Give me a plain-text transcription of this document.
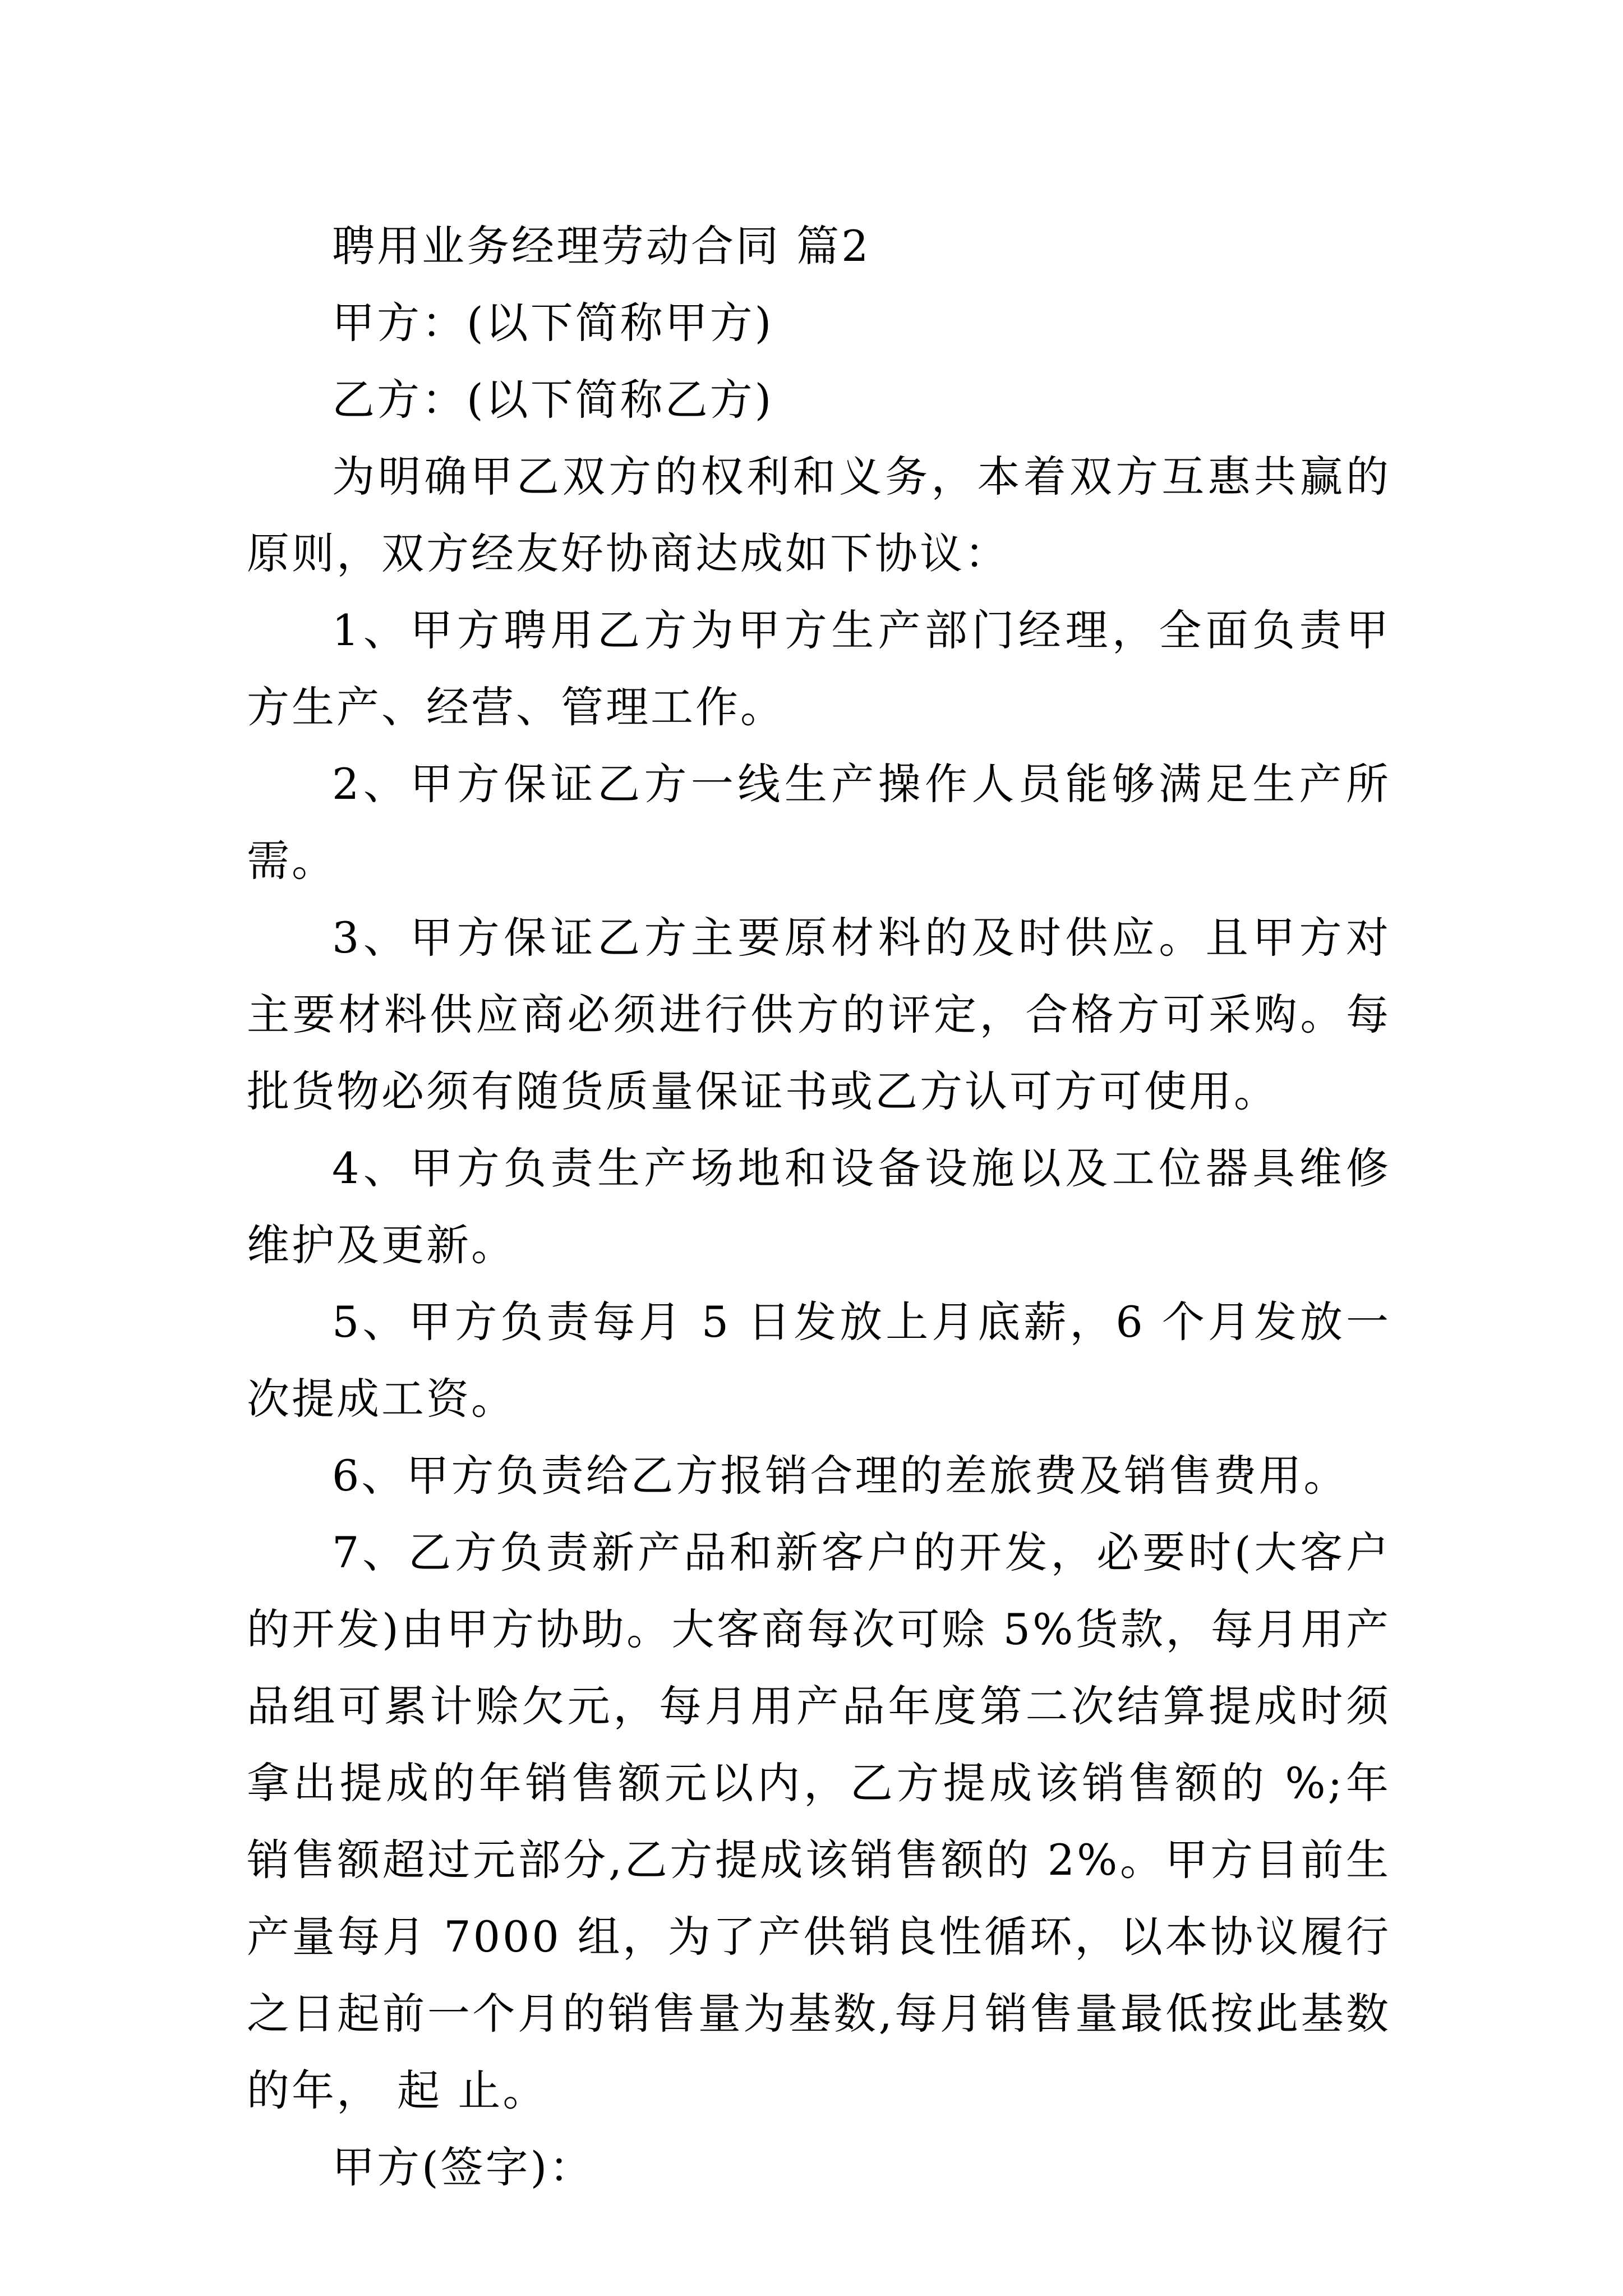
聘用业务经理劳动合同 篇2

甲方：(以下简称甲方)

乙方：(以下简称乙方)

为明确甲乙双方的权利和义务，本着双方互惠共赢的原则，双方经友好协商达成如下协议：

1、甲方聘用乙方为甲方生产部门经理，全面负责甲方生产、经营、管理工作。

2、甲方保证乙方一线生产操作人员能够满足生产所需。

3、甲方保证乙方主要原材料的及时供应。且甲方对主要材料供应商必须进行供方的评定，合格方可采购。每批货物必须有随货质量保证书或乙方认可方可使用。

4、甲方负责生产场地和设备设施以及工位器具维修维护及更新。

5、甲方负责每月 5 日发放上月底薪，6 个月发放一次提成工资。

6、甲方负责给乙方报销合理的差旅费及销售费用。

7、乙方负责新产品和新客户的开发，必要时(大客户的开发)由甲方协助。大客商每次可赊 5%货款，每月用产品组可累计赊欠元，每月用产品年度第二次结算提成时须拿出提成的年销售额元以内，乙方提成该销售额的 %;年销售额超过元部分,乙方提成该销售额的 2%。甲方目前生产量每月 7000 组，为了产供销良性循环，以本协议履行之日起前一个月的销售量为基数,每月销售量最低按此基数的年， 起 止。

甲方(签字)：
